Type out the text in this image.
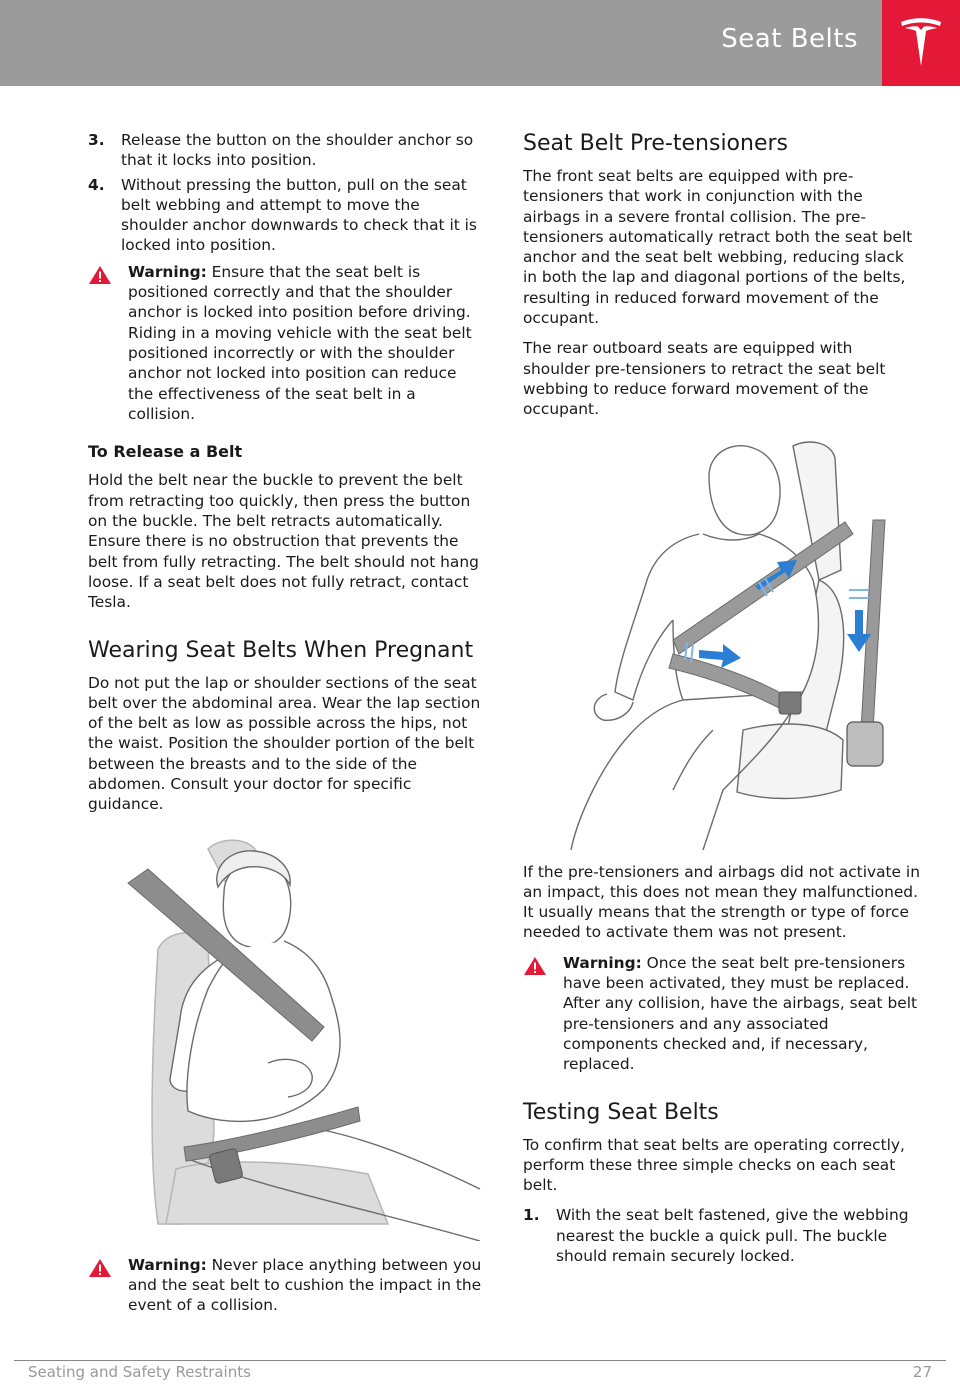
Seat Belts
3.	Release the button on the shoulder anchor so that it locks into position.
4.	Without pressing the button, pull on the seat belt webbing and attempt to move the shoulder anchor downwards to check that it is locked into position.
Warning: Ensure that the seat belt is positioned correctly and that the shoulder anchor is locked into position before driving. Riding in a moving vehicle with the seat belt positioned incorrectly or with the shoulder anchor not locked into position can reduce the effectiveness of the seat belt in a collision.
To Release a Belt

Hold the belt near the buckle to prevent the belt from retracting too quickly, then press the button on the buckle. The belt retracts automatically. Ensure there is no obstruction that prevents the belt from fully retracting. The belt should not hang loose. If a seat belt does not fully retract, contact Tesla.

Wearing Seat Belts When Pregnant

Do not put the lap or shoulder sections of the seat belt over the abdominal area. Wear the lap section of the belt as low as possible across the hips, not the waist. Position the shoulder portion of the belt between the breasts and to the side of the abdomen. Consult your doctor for specific guidance.

Warning: Never place anything between you and the seat belt to cushion the impact in the event of a collision.
Seat Belt Pre-tensioners

The front seat belts are equipped with pre-tensioners that work in conjunction with the airbags in a severe frontal collision. The pre-tensioners automatically retract both the seat belt anchor and the seat belt webbing, reducing slack in both the lap and diagonal portions of the belts, resulting in reduced forward movement of the occupant.

The rear outboard seats are equipped with shoulder pre-tensioners to retract the seat belt webbing to reduce forward movement of the occupant.

If the pre-tensioners and airbags did not activate in an impact, this does not mean they malfunctioned. It usually means that the strength or type of force needed to activate them was not present.

Warning: Once the seat belt pre-tensioners have been activated, they must be replaced. After any collision, have the airbags, seat belt pre-tensioners and any associated components checked and, if necessary, replaced.
Testing Seat Belts

To confirm that seat belts are operating correctly, perform these three simple checks on each seat belt.

1.	With the seat belt fastened, give the webbing nearest the buckle a quick pull. The buckle should remain securely locked.
Seating and Safety Restraints	27
